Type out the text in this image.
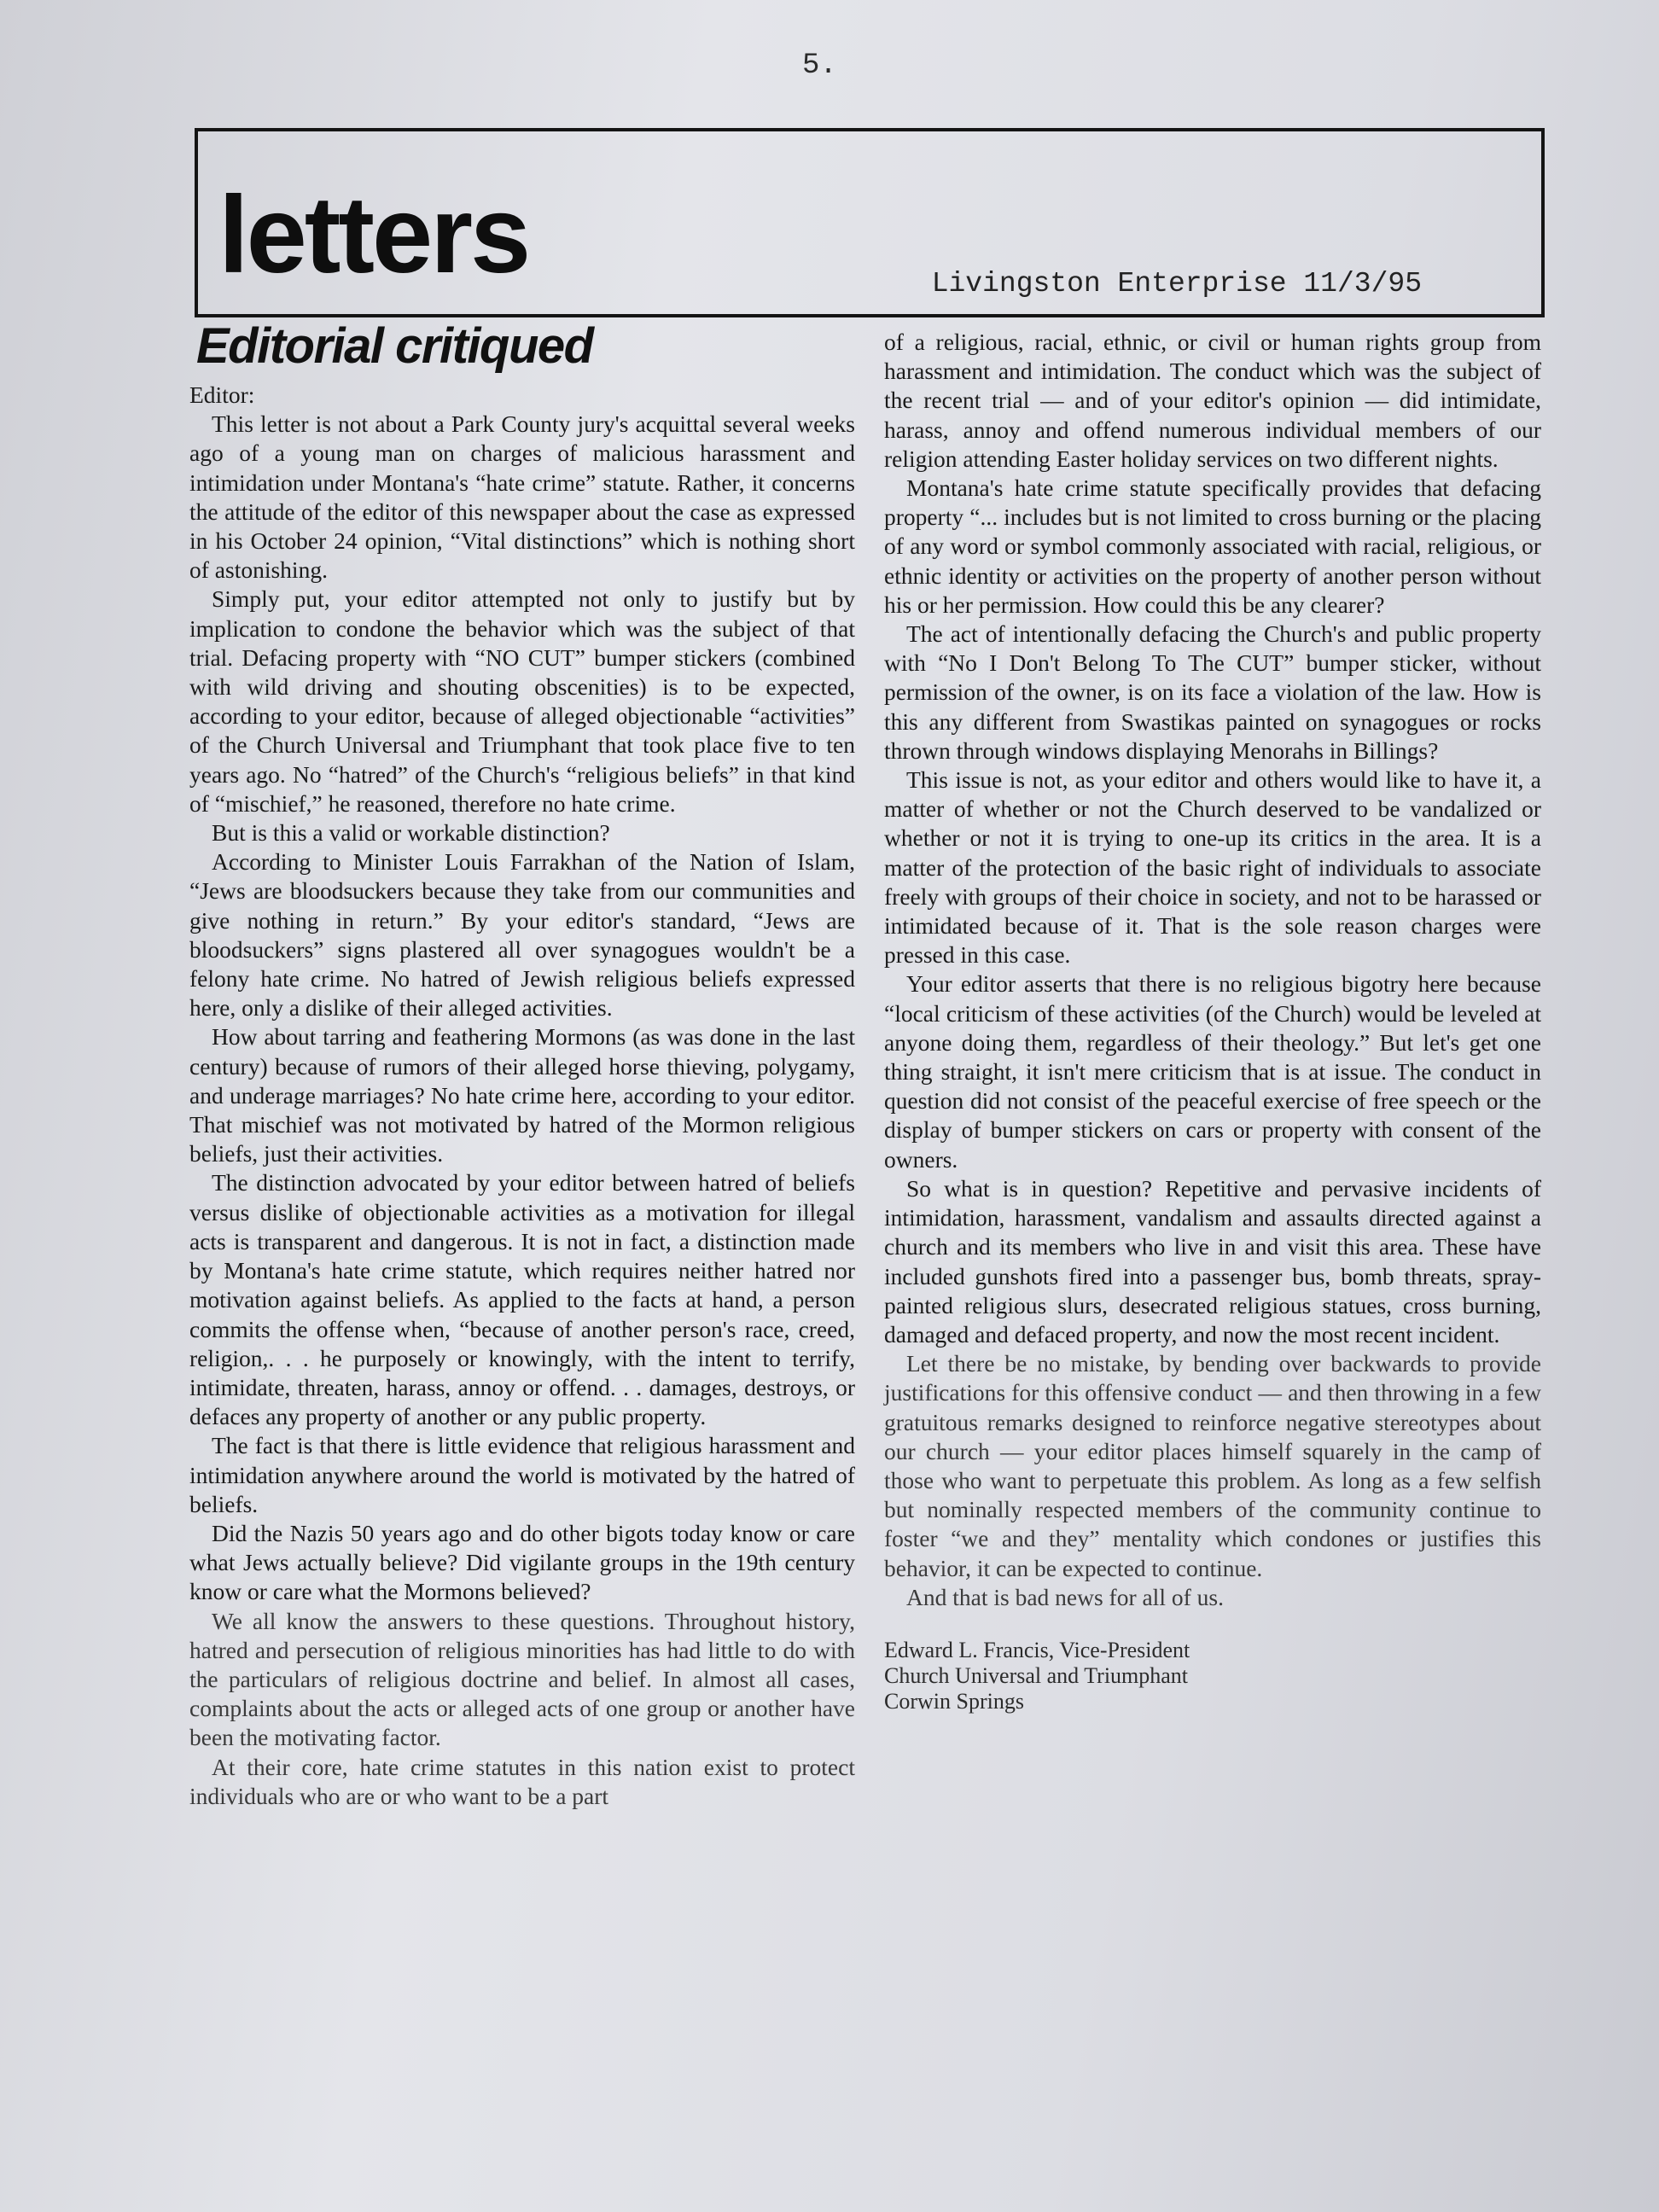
5.
letters	Livingston Enterprise 11/3/95
Editorial critiqued

Editor:

This letter is not about a Park County jury's acquittal several weeks ago of a young man on charges of malicious harassment and intimidation under Montana's “hate crime” statute. Rather, it concerns the attitude of the editor of this newspaper about the case as expressed in his October 24 opinion, “Vital distinctions” which is nothing short of astonishing.

Simply put, your editor attempted not only to justify but by implication to condone the behavior which was the subject of that trial. Defacing property with “NO CUT” bumper stickers (combined with wild driving and shouting obscenities) is to be expected, according to your editor, because of alleged objectionable “activities” of the Church Universal and Triumphant that took place five to ten years ago. No “hatred” of the Church's “religious beliefs” in that kind of “mischief,” he reasoned, therefore no hate crime.

But is this a valid or workable distinction?

According to Minister Louis Farrakhan of the Nation of Islam, “Jews are bloodsuckers because they take from our communities and give nothing in return.” By your editor's standard, “Jews are bloodsuckers” signs plastered all over synagogues wouldn't be a felony hate crime. No hatred of Jewish religious beliefs expressed here, only a dislike of their alleged activities.

How about tarring and feathering Mormons (as was done in the last century) because of rumors of their alleged horse thieving, polygamy, and underage marriages? No hate crime here, according to your editor. That mischief was not motivated by hatred of the Mormon religious beliefs, just their activities.

The distinction advocated by your editor between hatred of beliefs versus dislike of objectionable activities as a motivation for illegal acts is transparent and dangerous. It is not in fact, a distinction made by Montana's hate crime statute, which requires neither hatred nor motivation against beliefs. As applied to the facts at hand, a person commits the offense when, “because of another person's race, creed, religion,. . . he purposely or knowingly, with the intent to terrify, intimidate, threaten, harass, annoy or offend. . . damages, destroys, or defaces any property of another or any public property.

The fact is that there is little evidence that religious harassment and intimidation anywhere around the world is motivated by the hatred of beliefs.

Did the Nazis 50 years ago and do other bigots today know or care what Jews actually believe? Did vigilante groups in the 19th century know or care what the Mormons believed?

We all know the answers to these questions. Throughout history, hatred and persecution of religious minorities has had little to do with the particulars of religious doctrine and belief. In almost all cases, complaints about the acts or alleged acts of one group or another have been the motivating factor.

At their core, hate crime statutes in this nation exist to protect individuals who are or who want to be a part

of a religious, racial, ethnic, or civil or human rights group from harassment and intimidation. The conduct which was the subject of the recent trial — and of your editor's opinion — did intimidate, harass, annoy and offend numerous individual members of our religion attending Easter holiday services on two different nights.

Montana's hate crime statute specifically provides that defacing property “... includes but is not limited to cross burning or the placing of any word or symbol commonly associated with racial, religious, or ethnic identity or activities on the property of another person without his or her permission. How could this be any clearer?

The act of intentionally defacing the Church's and public property with “No I Don't Belong To The CUT” bumper sticker, without permission of the owner, is on its face a violation of the law. How is this any different from Swastikas painted on synagogues or rocks thrown through windows displaying Menorahs in Billings?

This issue is not, as your editor and others would like to have it, a matter of whether or not the Church deserved to be vandalized or whether or not it is trying to one-up its critics in the area. It is a matter of the protection of the basic right of individuals to associate freely with groups of their choice in society, and not to be harassed or intimidated because of it. That is the sole reason charges were pressed in this case.

Your editor asserts that there is no religious bigotry here because “local criticism of these activities (of the Church) would be leveled at anyone doing them, regardless of their theology.” But let's get one thing straight, it isn't mere criticism that is at issue. The conduct in question did not consist of the peaceful exercise of free speech or the display of bumper stickers on cars or property with consent of the owners.

So what is in question? Repetitive and pervasive incidents of intimidation, harassment, vandalism and assaults directed against a church and its members who live in and visit this area. These have included gunshots fired into a passenger bus, bomb threats, spray-painted religious slurs, desecrated religious statues, cross burning, damaged and defaced property, and now the most recent incident.

Let there be no mistake, by bending over backwards to provide justifications for this offensive conduct — and then throwing in a few gratuitous remarks designed to reinforce negative stereotypes about our church — your editor places himself squarely in the camp of those who want to perpetuate this problem. As long as a few selfish but nominally respected members of the community continue to foster “we and they” mentality which condones or justifies this behavior, it can be expected to continue.

And that is bad news for all of us.

Edward L. Francis, Vice-President
Church Universal and Triumphant
Corwin Springs
